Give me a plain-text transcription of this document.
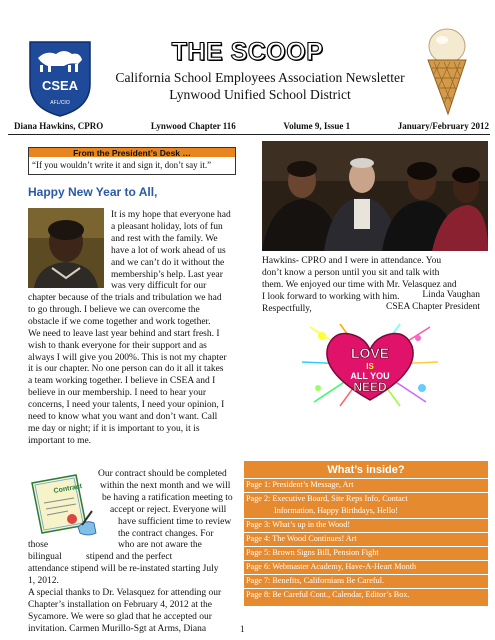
CSEA
AFL/CIO
THE SCOOP
California School Employees Association Newsletter
Lynwood Unified School District
Diana Hawkins, CPRO	Lynwood Chapter 116	Volume 9, Issue 1	January/February 2012
From the President’s Desk …
“If you wouldn’t write it and sign it, don’t say it.”
Happy New Year to All,
It is my hope that everyone had
a pleasant holiday, lots of fun
and rest with the family. We
have a lot of work ahead of us
and we can’t do it without the
membership’s help. Last year
was very difficult for our
chapter because of the trials and tribulation we had
to go through. I believe we can overcome the
obstacle if we come together and work together.
We need to leave last year behind and start fresh. I
wish to thank everyone for their support and as
always I will give you 200%. This is not my chapter
it is our chapter. No one person can do it all it takes
a team working together. I believe in CSEA and I
believe in our membership. I need to hear your
concerns, I need your talents, I need your opinion, I
need to know what you want and don’t want. Call
me day or night; if it is important to you, it is
important to me.
Contract
Our contract should be completed
within the next month and we will
be having a ratification meeting to
accept or reject. Everyone will
have sufficient time to review
the contract changes. For
those	who are not aware the
bilingual	stipend and the perfect
attendance stipend will be re-instated starting July
1, 2012.
A special thanks to Dr. Velasquez for attending our
Chapter’s installation on February 4, 2012 at the
Sycamore. We were so glad that he accepted our
invitation. Carmen Murillo-Sgt at Arms, Diana
Hawkins- CPRO and I were in attendance. You
don’t know a person until you sit and talk with
them. We enjoyed our time with Mr. Velasquez and
I look forward to working with him.
Respectfully,
Linda Vaughan
CSEA Chapter President
LOVE
IS
ALL YOU
NEED
What’s inside?
Page 1: President’s Message, Art
Page 2: Executive Board, Site Reps Info, Contact
Information, Happy Birthdays, Hello!
Page 3: What’s up in the Wood!
Page 4: The Wood Continues! Art
Page 5: Brown Signs Bill, Pension Fight
Page 6: Webmaster Academy, Have-A-Heart Month
Page 7: Benefits, Californians Be Careful.
Page 8: Be Careful Cont., Calendar, Editor’s Box.
1
